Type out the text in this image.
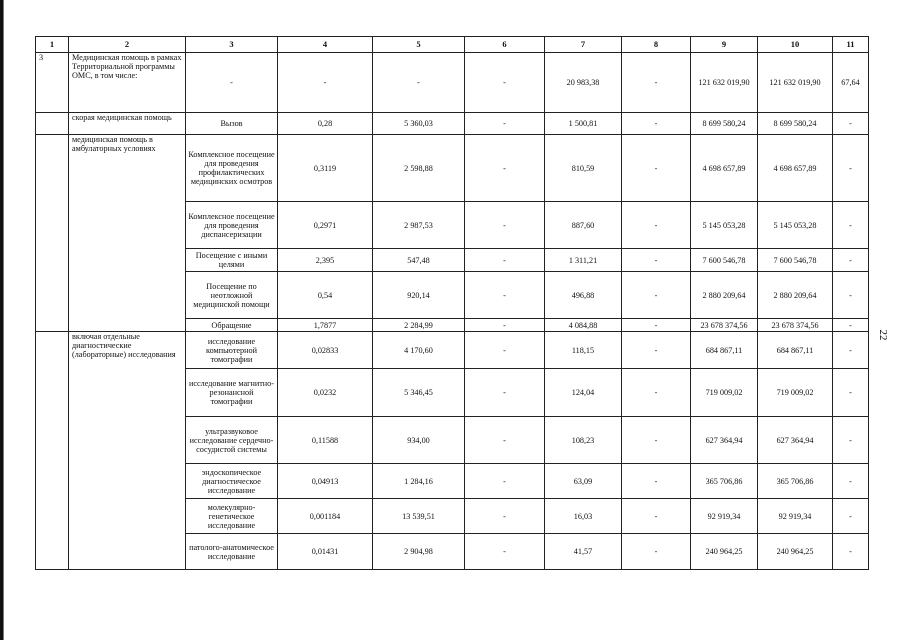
22
1	2	3	4	5	6	7	8	9	10	11
3	Медицинская помощь в рамках Территориальной программы ОМС, в том числе:	-	-	-	-	20 983,38	-	121 632 019,90	121 632 019,90	67,64
	скорая медицинская помощь	Вызов	0,28	5 360,03	-	1 500,81	-	8 699 580,24	8 699 580,24	-
	медицинская помощь в амбулаторных условиях	Комплексное посещение для проведения профилактических медицинских осмотров	0,3119	2 598,88	-	810,59	-	4 698 657,89	4 698 657,89	-
		Комплексное посещение для проведения диспансеризации	0,2971	2 987,53	-	887,60	-	5 145 053,28	5 145 053,28	-
		Посещение с иными целями	2,395	547,48	-	1 311,21	-	7 600 546,78	7 600 546,78	-
		Посещение по неотложной медицинской помощи	0,54	920,14	-	496,88	-	2 880 209,64	2 880 209,64	-
		Обращение	1,7877	2 284,99	-	4 084,88	-	23 678 374,56	23 678 374,56	-
	включая отдельные диагностические (лабораторные) исследования	исследование компьютерной томографии	0,02833	4 170,60	-	118,15	-	684 867,11	684 867,11	-
		исследование магнитно-резонансной томографии	0,0232	5 346,45	-	124,04	-	719 009,02	719 009,02	-
		ультразвуковое исследование сердечно-сосудистой системы	0,11588	934,00	-	108,23	-	627 364,94	627 364,94	-
		эндоскопическое диагностическое исследование	0,04913	1 284,16	-	63,09	-	365 706,86	365 706,86	-
		молекулярно-генетическое исследование	0,001184	13 539,51	-	16,03	-	92 919,34	92 919,34	-
		патолого-анатомическое исследование	0,01431	2 904,98	-	41,57	-	240 964,25	240 964,25	-
